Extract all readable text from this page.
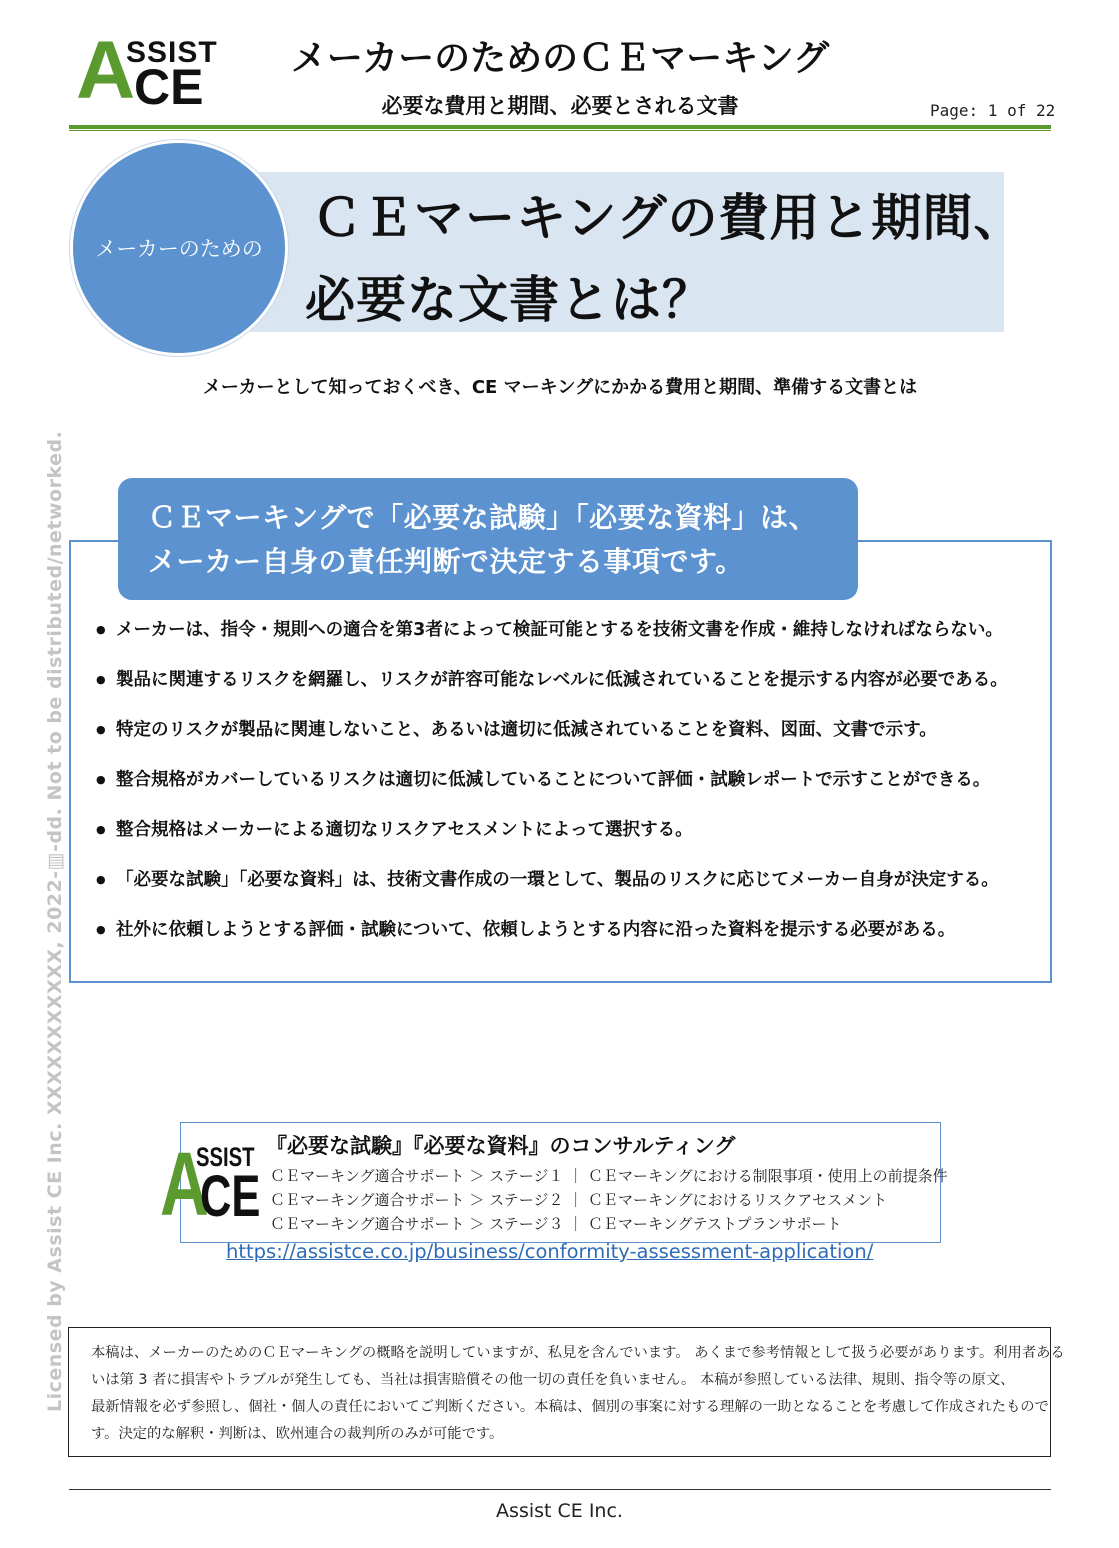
A
SSIST
CE
メーカーのためのＣＥマーキング
必要な費用と期間、必要とされる文書	Page: 1 of 22
メーカーのための
ＣＥマーキングの費用と期間、
必要な文書とは？
メーカーとして知っておくべき、CE マーキングにかかる費用と期間、準備する文書とは
Licensed by Assist CE Inc. XXXXXXXXXXX, 2022-▥-dd. Not to be distributed/networked.	ＣＥマーキングで「必要な試験」「必要な資料」は、
メーカー自身の責任判断で決定する事項です。
● メーカーは、指令・規則への適合を第3者によって検証可能とするを技術文書を作成・維持しなければならない。
● 製品に関連するリスクを網羅し、リスクが許容可能なレベルに低減されていることを提示する内容が必要である。
● 特定のリスクが製品に関連しないこと、あるいは適切に低減されていることを資料、図面、文書で示す。
● 整合規格がカバーしているリスクは適切に低減していることについて評価・試験レポートで示すことができる。
● 整合規格はメーカーによる適切なリスクアセスメントによって選択する。
● 「必要な試験」「必要な資料」は、技術文書作成の一環として、製品のリスクに応じてメーカー自身が決定する。
● 社外に依頼しようとする評価・試験について、依頼しようとする内容に沿った資料を提示する必要がある。
A
SSIST
CE
『必要な試験』『必要な資料』のコンサルティング
ＣＥマーキング適合サポート ＞ ステージ１ ｜ ＣＥマーキングにおける制限事項・使用上の前提条件
ＣＥマーキング適合サポート ＞ ステージ２ ｜ ＣＥマーキングにおけるリスクアセスメント
ＣＥマーキング適合サポート ＞ ステージ３ ｜ ＣＥマーキングテストプランサポート
https://assistce.co.jp/business/conformity-assessment-application/

本稿は、メーカーのためのＣＥマーキングの概略を説明していますが、私見を含んでいます。 あくまで参考情報として扱う必要があります。利用者ある

いは第 3 者に損害やトラブルが発生しても、当社は損害賠償その他一切の責任を負いません。 本稿が参照している法律、規則、指令等の原文、

最新情報を必ず参照し、個社・個人の責任においてご判断ください。本稿は、個別の事案に対する理解の一助となることを考慮して作成されたもので

す。決定的な解釈・判断は、欧州連合の裁判所のみが可能です。

Assist CE Inc.
